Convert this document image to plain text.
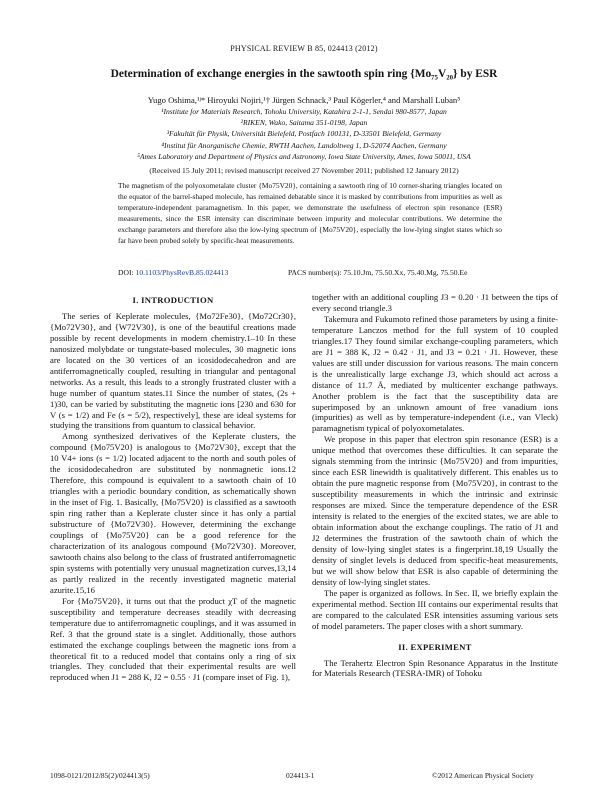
PHYSICAL REVIEW B 85, 024413 (2012)
Determination of exchange energies in the sawtooth spin ring {Mo₇₅V₂₀} by ESR
Yugo Oshima,¹ʲ* Hiroyuki Nojiri,¹† Jürgen Schnack,³ Paul Kögerler,⁴ and Marshall Luban⁵
¹Institute for Materials Research, Tohoku University, Katahira 2-1-1, Sendai 980-8577, Japan
²RIKEN, Wako, Saitama 351-0198, Japan
³Fakultät für Physik, Universität Bielefeld, Postfach 100131, D-33501 Bielefeld, Germany
⁴Institut für Anorganische Chemie, RWTH Aachen, Landoltweg 1, D-52074 Aachen, Germany
⁵Ames Laboratory and Department of Physics and Astronomy, Iowa State University, Ames, Iowa 50011, USA
(Received 15 July 2011; revised manuscript received 27 November 2011; published 12 January 2012)
The magnetism of the polyoxometalate cluster {Mo75V20}, containing a sawtooth ring of 10 corner-sharing triangles located on the equator of the barrel-shaped molecule, has remained debatable since it is masked by contributions from impurities as well as temperature-independent paramagnetism. In this paper, we demonstrate the usefulness of electron spin resonance (ESR) measurements, since the ESR intensity can discriminate between impurity and molecular contributions. We determine the exchange parameters and therefore also the low-lying spectrum of {Mo75V20}, especially the low-lying singlet states which so far have been probed solely by specific-heat measurements.
DOI: 10.1103/PhysRevB.85.024413	PACS number(s): 75.10.Jm, 75.50.Xx, 75.40.Mg, 75.50.Ee
I. INTRODUCTION

The series of Keplerate molecules, {Mo72Fe30}, {Mo72Cr30}, {Mo72V30}, and {W72V30}, is one of the beautiful creations made possible by recent developments in modern chemistry.1–10 In these nanosized molybdate or tungstate-based molecules, 30 magnetic ions are located on the 30 vertices of an icosidodecahedron and are antiferromagnetically coupled, resulting in triangular and pentagonal networks. As a result, this leads to a strongly frustrated cluster with a huge number of quantum states.11 Since the number of states, (2s + 1)30, can be varied by substituting the magnetic ions [230 and 630 for V (s = 1/2) and Fe (s = 5/2), respectively], these are ideal systems for studying the transitions from quantum to classical behavior.

Among synthesized derivatives of the Keplerate clusters, the compound {Mo75V20} is analogous to {Mo72V30}, except that the 10 V4+ ions (s = 1/2) located adjacent to the north and south poles of the icosidodecahedron are substituted by nonmagnetic ions.12 Therefore, this compound is equivalent to a sawtooth chain of 10 triangles with a periodic boundary condition, as schematically shown in the inset of Fig. 1. Basically, {Mo75V20} is classified as a sawtooth spin ring rather than a Keplerate cluster since it has only a partial substructure of {Mo72V30}. However, determining the exchange couplings of {Mo75V20} can be a good reference for the characterization of its analogous compound {Mo72V30}. Moreover, sawtooth chains also belong to the class of frustrated antiferromagnetic spin systems with potentially very unusual magnetization curves,13,14 as partly realized in the recently investigated magnetic material azurite.15,16

For {Mo75V20}, it turns out that the product χT of the magnetic susceptibility and temperature decreases steadily with decreasing temperature due to antiferromagnetic couplings, and it was assumed in Ref. 3 that the ground state is a singlet. Additionally, those authors estimated the exchange couplings between the magnetic ions from a theoretical fit to a reduced model that contains only a ring of six triangles. They concluded that their experimental results are well reproduced when J1 = 288 K, J2 = 0.55 · J1 (compare inset of Fig. 1),

together with an additional coupling J3 = 0.20 · J1 between the tips of every second triangle.3

Takemura and Fukumoto refined those parameters by using a finite-temperature Lanczos method for the full system of 10 coupled triangles.17 They found similar exchange-coupling parameters, which are J1 = 388 K, J2 = 0.42 · J1, and J3 = 0.21 · J1. However, these values are still under discussion for various reasons. The main concern is the unrealistically large exchange J3, which should act across a distance of 11.7 Å, mediated by multicenter exchange pathways. Another problem is the fact that the susceptibility data are superimposed by an unknown amount of free vanadium ions (impurities) as well as by temperature-independent (i.e., van Vleck) paramagnetism typical of polyoxometalates.

We propose in this paper that electron spin resonance (ESR) is a unique method that overcomes these difficulties. It can separate the signals stemming from the intrinsic {Mo75V20} and from impurities, since each ESR linewidth is qualitatively different. This enables us to obtain the pure magnetic response from {Mo75V20}, in contrast to the susceptibility measurements in which the intrinsic and extrinsic responses are mixed. Since the temperature dependence of the ESR intensity is related to the energies of the excited states, we are able to obtain information about the exchange couplings. The ratio of J1 and J2 determines the frustration of the sawtooth chain of which the density of low-lying singlet states is a fingerprint.18,19 Usually the density of singlet levels is deduced from specific-heat measurements, but we will show below that ESR is also capable of determining the density of low-lying singlet states.

The paper is organized as follows. In Sec. II, we briefly explain the experimental method. Section III contains our experimental results that are compared to the calculated ESR intensities assuming various sets of model parameters. The paper closes with a short summary.

II. EXPERIMENT

The Terahertz Electron Spin Resonance Apparatus in the Institute for Materials Research (TESRA-IMR) of Tohoku

1098-0121/2012/85(2)/024413(5)	024413-1	©2012 American Physical Society
